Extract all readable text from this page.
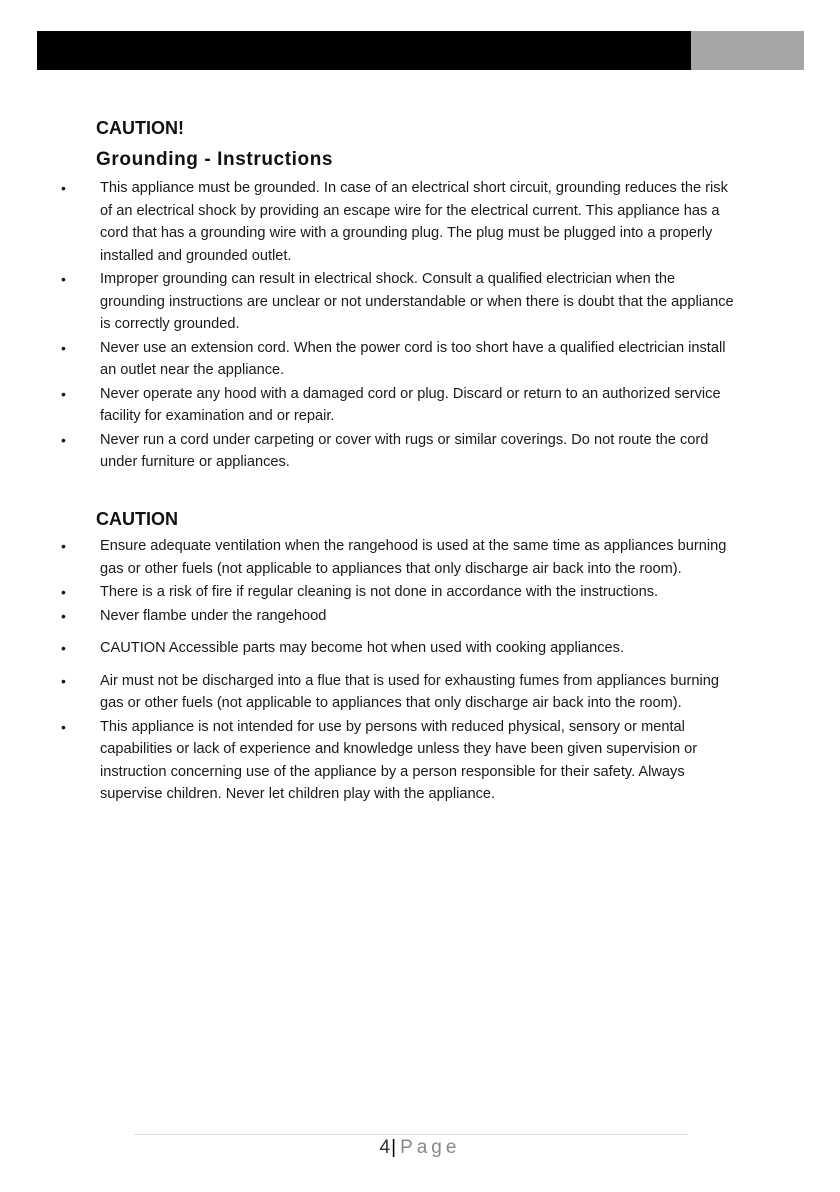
CAUTION!
Grounding - Instructions
• This appliance must be grounded. In case of an electrical short circuit, grounding reduces the risk of an electrical shock by providing an escape wire for the electrical current. This appliance has a cord that has a grounding wire with a grounding plug. The plug must be plugged into a properly installed and grounded outlet.
• Improper grounding can result in electrical shock. Consult a qualified electrician when the grounding instructions are unclear or not understandable or when there is doubt that the appliance is correctly grounded.
• Never use an extension cord. When the power cord is too short have a qualified electrician install an outlet near the appliance.
• Never operate any hood with a damaged cord or plug. Discard or return to an authorized service facility for examination and or repair.
• Never run a cord under carpeting or cover with rugs or similar coverings. Do not route the cord under furniture or appliances.
CAUTION
• Ensure adequate ventilation when the rangehood is used at the same time as appliances burning gas or other fuels (not applicable to appliances that only discharge air back into the room).
• There is a risk of fire if regular cleaning is not done in accordance with the instructions.
• Never flambe under the rangehood
• CAUTION Accessible parts may become hot when used with cooking appliances.
• Air must not be discharged into a flue that is used for exhausting fumes from appliances burning gas or other fuels (not applicable to appliances that only discharge air back into the room).
• This appliance is not intended for use by persons with reduced physical, sensory or mental capabilities or lack of experience and knowledge unless they have been given supervision or instruction concerning use of the appliance by a person responsible for their safety. Always supervise children. Never let children play with the appliance.
4| Page
